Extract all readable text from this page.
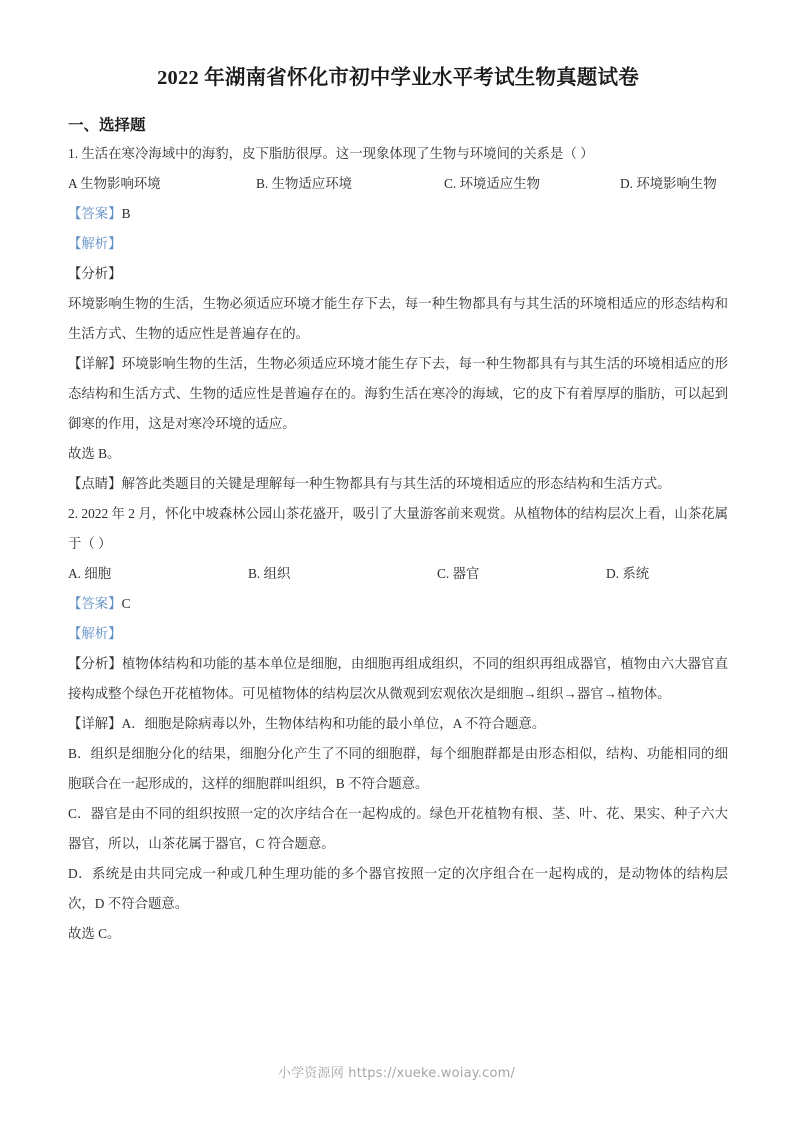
2022 年湖南省怀化市初中学业水平考试生物真题试卷
一、选择题

1. 生活在寒冷海域中的海豹，皮下脂肪很厚。这一现象体现了生物与环境间的关系是（ ）

A 生物影响环境	B. 生物适应环境	C. 环境适应生物	D. 环境影响生物

【答案】B

【解析】

【分析】

环境影响生物的生活，生物必须适应环境才能生存下去，每一种生物都具有与其生活的环境相适应的形态结构和生活方式、生物的适应性是普遍存在的。

【详解】环境影响生物的生活，生物必须适应环境才能生存下去，每一种生物都具有与其生活的环境相适应的形态结构和生活方式、生物的适应性是普遍存在的。海豹生活在寒冷的海域，它的皮下有着厚厚的脂肪，可以起到御寒的作用，这是对寒冷环境的适应。

故选 B。

【点睛】解答此类题目的关键是理解每一种生物都具有与其生活的环境相适应的形态结构和生活方式。

2. 2022 年 2 月，怀化中坡森林公园山茶花盛开，吸引了大量游客前来观赏。从植物体的结构层次上看，山茶花属于（ ）

A. 细胞	B. 组织	C. 器官	D. 系统

【答案】C

【解析】

【分析】植物体结构和功能的基本单位是细胞，由细胞再组成组织，不同的组织再组成器官，植物由六大器官直接构成整个绿色开花植物体。可见植物体的结构层次从微观到宏观依次是细胞→组织→器官→植物体。

【详解】A．细胞是除病毒以外，生物体结构和功能的最小单位，A 不符合题意。

B．组织是细胞分化的结果，细胞分化产生了不同的细胞群，每个细胞群都是由形态相似，结构、功能相同的细胞联合在一起形成的，这样的细胞群叫组织，B 不符合题意。

C．器官是由不同的组织按照一定的次序结合在一起构成的。绿色开花植物有根、茎、叶、花、果实、种子六大器官，所以，山茶花属于器官，C 符合题意。

D．系统是由共同完成一种或几种生理功能的多个器官按照一定的次序组合在一起构成的，是动物体的结构层次，D 不符合题意。

故选 C。

小学资源网 https://xueke.woiay.com/
